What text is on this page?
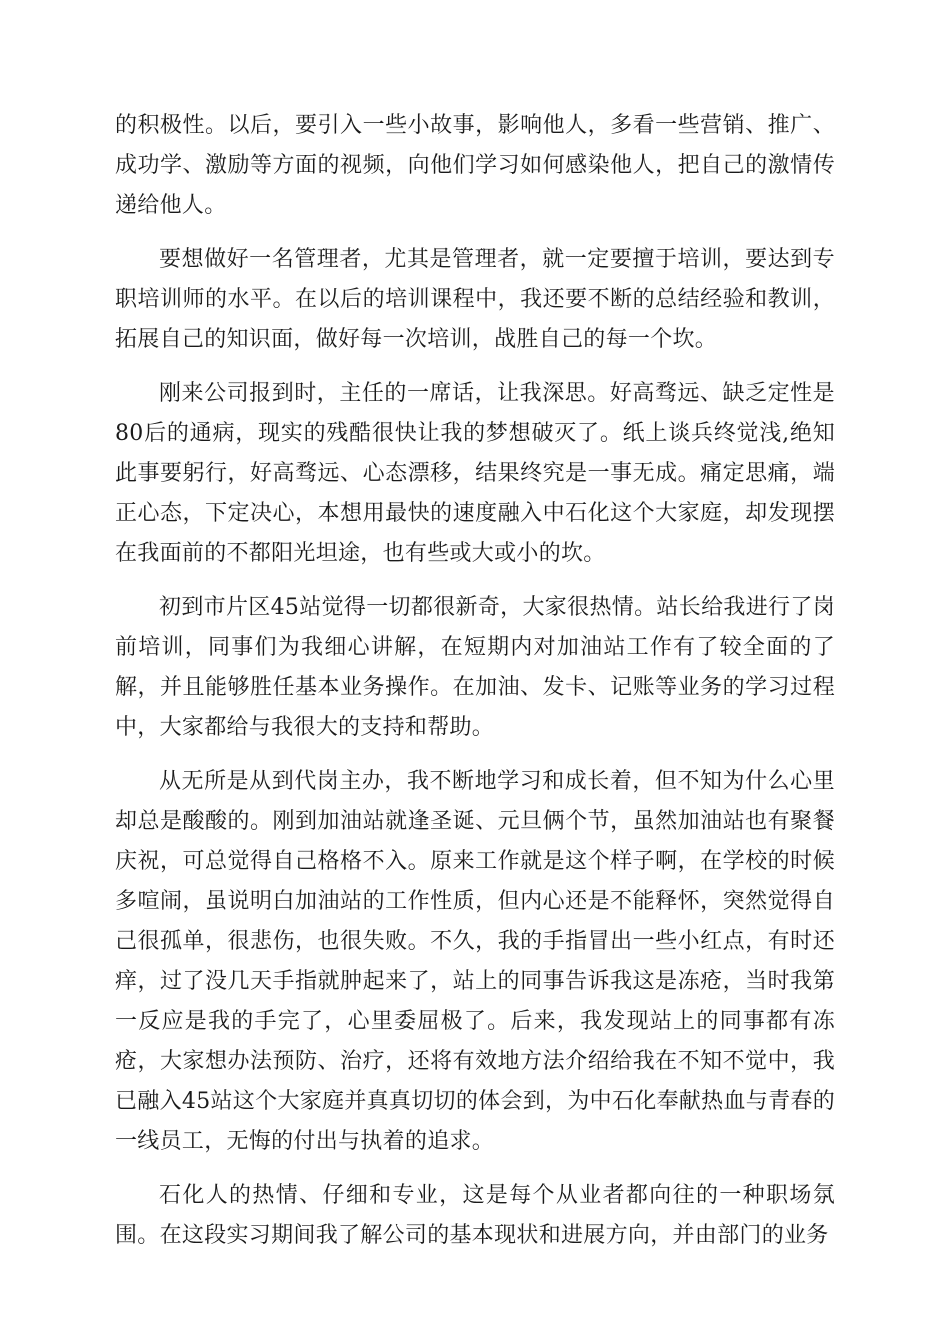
的积极性。以后，要引入一些小故事，影响他人，多看一些营销、推广、成功学、激励等方面的视频，向他们学习如何感染他人，把自己的激情传递给他人。

要想做好一名管理者，尤其是管理者，就一定要擅于培训，要达到专职培训师的水平。在以后的培训课程中，我还要不断的总结经验和教训，拓展自己的知识面，做好每一次培训，战胜自己的每一个坎。

刚来公司报到时，主任的一席话，让我深思。好高骛远、缺乏定性是80后的通病，现实的残酷很快让我的梦想破灭了。纸上谈兵终觉浅,绝知此事要躬行，好高骛远、心态漂移，结果终究是一事无成。痛定思痛，端正心态，下定决心，本想用最快的速度融入中石化这个大家庭，却发现摆在我面前的不都阳光坦途，也有些或大或小的坎。

初到市片区45站觉得一切都很新奇，大家很热情。站长给我进行了岗前培训，同事们为我细心讲解，在短期内对加油站工作有了较全面的了解，并且能够胜任基本业务操作。在加油、发卡、记账等业务的学习过程中，大家都给与我很大的支持和帮助。

从无所是从到代岗主办，我不断地学习和成长着，但不知为什么心里却总是酸酸的。刚到加油站就逢圣诞、元旦俩个节，虽然加油站也有聚餐庆祝，可总觉得自己格格不入。原来工作就是这个样子啊，在学校的时候多喧闹，虽说明白加油站的工作性质，但内心还是不能释怀，突然觉得自己很孤单，很悲伤，也很失败。不久，我的手指冒出一些小红点，有时还痒，过了没几天手指就肿起来了，站上的同事告诉我这是冻疮，当时我第一反应是我的手完了，心里委屈极了。后来，我发现站上的同事都有冻疮，大家想办法预防、治疗，还将有效地方法介绍给我在不知不觉中，我已融入45站这个大家庭并真真切切的体会到，为中石化奉献热血与青春的一线员工，无悔的付出与执着的追求。

石化人的热情、仔细和专业，这是每个从业者都向往的一种职场氛围。在这段实习期间我了解公司的基本现状和进展方向，并由部门的业务
